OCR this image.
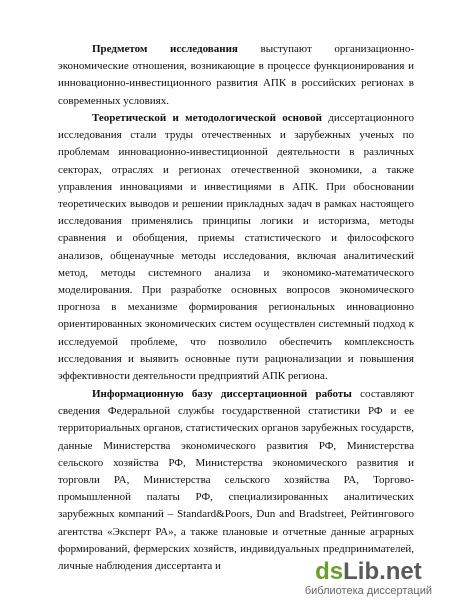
Предметом исследования выступают организационно-экономические отношения, возникающие в процессе функционирования и инновационно-инвестиционного развития АПК в российских регионах в современных условиях.

Теоретической и методологической основой диссертационного исследования стали труды отечественных и зарубежных ученых по проблемам инновационно-инвестиционной деятельности в различных секторах, отраслях и регионах отечественной экономики, а также управления инновациями и инвестициями в АПК. При обосновании теоретических выводов и решении прикладных задач в рамках настоящего исследования применялись принципы логики и историзма, методы сравнения и обобщения, приемы статистического и философского анализов, общенаучные методы исследования, включая аналитический метод, методы системного анализа и экономико-математического моделирования. При разработке основных вопросов экономического прогноза в механизме формирования региональных инновационно ориентированных экономических систем осуществлен системный подход к исследуемой проблеме, что позволило обеспечить комплексность исследования и выявить основные пути рационализации и повышения эффективности деятельности предприятий АПК региона.

Информационную базу диссертационной работы составляют сведения Федеральной службы государственной статистики РФ и ее территориальных органов, статистических органов зарубежных государств, данные Министерства экономического развития РФ, Министерства сельского хозяйства РФ, Министерства экономического развития и торговли РА, Министерства сельского хозяйства РА, Торгово-промышленной палаты РФ, специализированных аналитических зарубежных компаний – Standard&Poors, Dun and Bradstreet, Рейтингового агентства «Эксперт РА», а также плановые и отчетные данные аграрных формирований, фермерских хозяйств, индивидуальных предпринимателей, личные наблюдения диссертанта и	dsLib.net
библиотека диссертаций
